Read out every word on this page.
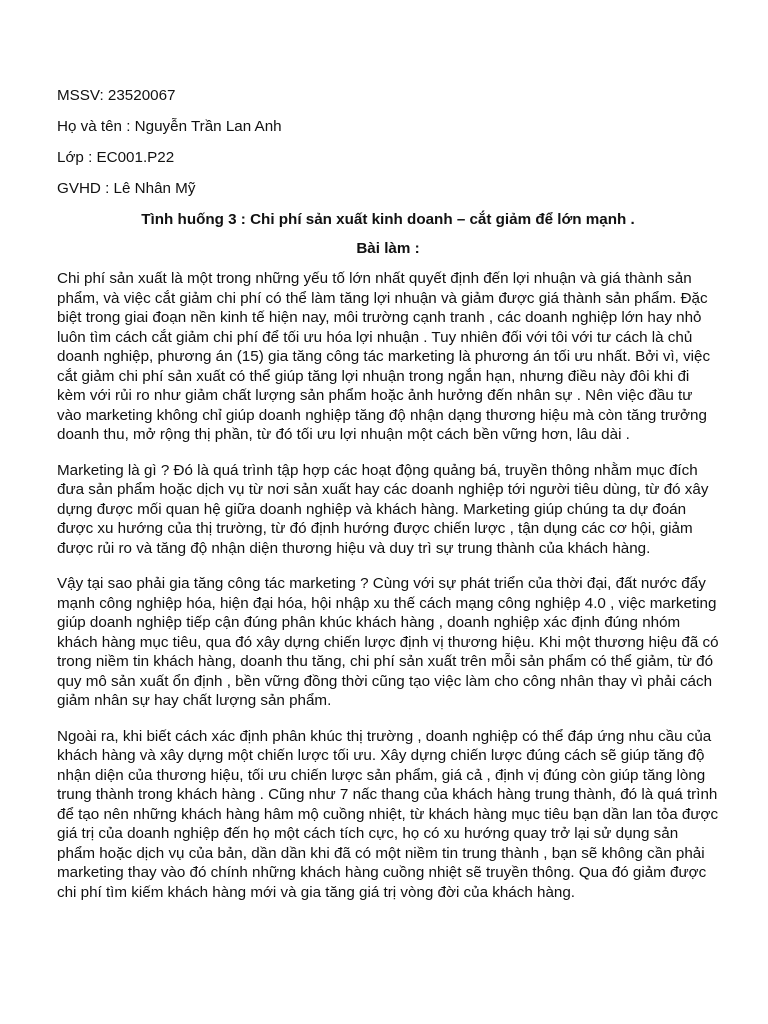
MSSV: 23520067
Họ và tên : Nguyễn Trần Lan Anh
Lớp : EC001.P22
GVHD : Lê Nhân Mỹ
Tình huống 3 : Chi phí sản xuất kinh doanh – cắt giảm để lớn mạnh .
Bài làm :

Chi phí sản xuất là một trong những yếu tố lớn nhất quyết định đến lợi nhuận và giá thành sản phẩm, và việc cắt giảm chi phí có thể làm tăng lợi nhuận và giảm được giá thành sản phẩm. Đặc biệt trong giai đoạn nền kinh tế hiện nay, môi trường cạnh tranh , các doanh nghiệp lớn hay nhỏ luôn tìm cách cắt giảm chi phí để tối ưu hóa lợi nhuận . Tuy nhiên đối với tôi với tư cách là chủ doanh nghiệp, phương án (15) gia tăng công tác marketing là phương án tối ưu nhất. Bởi vì, việc cắt giảm chi phí sản xuất có thể giúp tăng lợi nhuận trong ngắn hạn, nhưng điều này đôi khi đi kèm với rủi ro như giảm chất lượng sản phẩm hoặc ảnh hưởng đến nhân sự . Nên việc đầu tư vào marketing không chỉ giúp doanh nghiệp tăng độ nhận dạng thương hiệu mà còn tăng trưởng doanh thu, mở rộng thị phần, từ đó tối ưu lợi nhuận một cách bền vững hơn, lâu dài .

Marketing là gì ? Đó là quá trình tập hợp các hoạt động quảng bá, truyền thông nhằm mục đích đưa sản phẩm hoặc dịch vụ từ nơi sản xuất hay các doanh nghiệp tới người tiêu dùng, từ đó xây dựng được mối quan hệ giữa doanh nghiệp và khách hàng. Marketing giúp chúng ta dự đoán được xu hướng của thị trường, từ đó định hướng được chiến lược , tận dụng các cơ hội, giảm được rủi ro và tăng độ nhận diện thương hiệu và duy trì sự trung thành của khách hàng.

Vậy tại sao phải gia tăng công tác marketing ? Cùng với sự phát triển của thời đại, đất nước đẩy mạnh công nghiệp hóa, hiện đại hóa, hội nhập xu thế cách mạng công nghiệp 4.0 , việc marketing giúp doanh nghiệp tiếp cận đúng phân khúc khách hàng , doanh nghiệp xác định đúng nhóm khách hàng mục tiêu, qua đó xây dựng chiến lược định vị thương hiệu. Khi một thương hiệu đã có trong niềm tin khách hàng, doanh thu tăng, chi phí sản xuất trên mỗi sản phẩm có thể giảm, từ đó quy mô sản xuất ổn định , bền vững đồng thời cũng tạo việc làm cho công nhân thay vì phải cách giảm nhân sự hay chất lượng sản phẩm.

Ngoài ra, khi biết cách xác định phân khúc thị trường , doanh nghiệp có thể đáp ứng nhu cầu của khách hàng và xây dựng một chiến lược tối ưu. Xây dựng chiến lược đúng cách sẽ giúp tăng độ nhận diện của thương hiệu, tối ưu chiến lược sản phẩm, giá cả , định vị đúng còn giúp tăng lòng trung thành trong khách hàng . Cũng như 7 nấc thang của khách hàng trung thành, đó là quá trình để tạo nên những khách hàng hâm mộ cuồng nhiệt, từ khách hàng mục tiêu bạn dần lan tỏa được giá trị của doanh nghiệp đến họ một cách tích cực, họ có xu hướng quay trở lại sử dụng sản phẩm hoặc dịch vụ của bản, dần dần khi đã có một niềm tin trung thành , bạn sẽ không cần phải marketing thay vào đó chính những khách hàng cuồng nhiệt sẽ truyền thông. Qua đó giảm được chi phí tìm kiếm khách hàng mới và gia tăng giá trị vòng đời của khách hàng.
